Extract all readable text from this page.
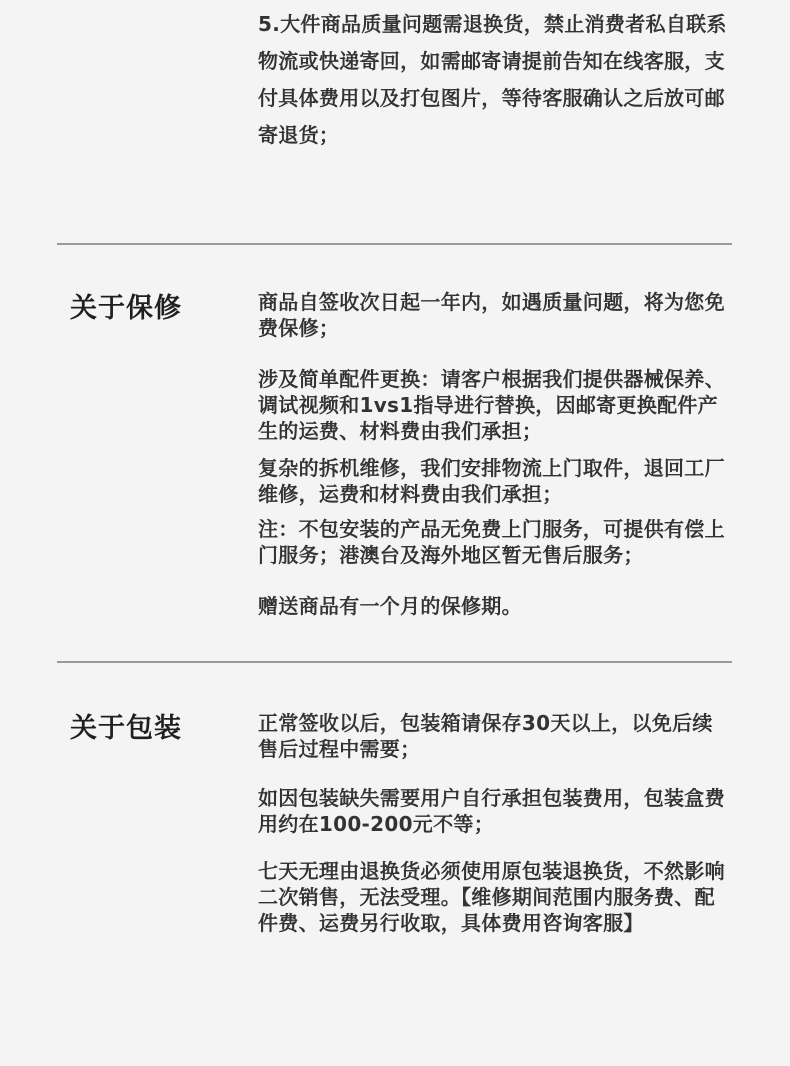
5.大件商品质量问题需退换货，禁止消费者私自联系物流或快递寄回，如需邮寄请提前告知在线客服，支付具体费用以及打包图片，等待客服确认之后放可邮寄退货；

关于保修	商品自签收次日起一年内，如遇质量问题，将为您免费保修；

涉及简单配件更换：请客户根据我们提供器械保养、调试视频和1vs1指导进行替换，因邮寄更换配件产生的运费、材料费由我们承担；

复杂的拆机维修，我们安排物流上门取件，退回工厂维修，运费和材料费由我们承担；

注：不包安装的产品无免费上门服务，可提供有偿上门服务；港澳台及海外地区暂无售后服务；

赠送商品有一个月的保修期。

关于包装	正常签收以后，包装箱请保存30天以上，以免后续售后过程中需要；

如因包装缺失需要用户自行承担包装费用，包装盒费用约在100-200元不等；

七天无理由退换货必须使用原包装退换货，不然影响二次销售，无法受理。【维修期间范围内服务费、配件费、运费另行收取，具体费用咨询客服】
